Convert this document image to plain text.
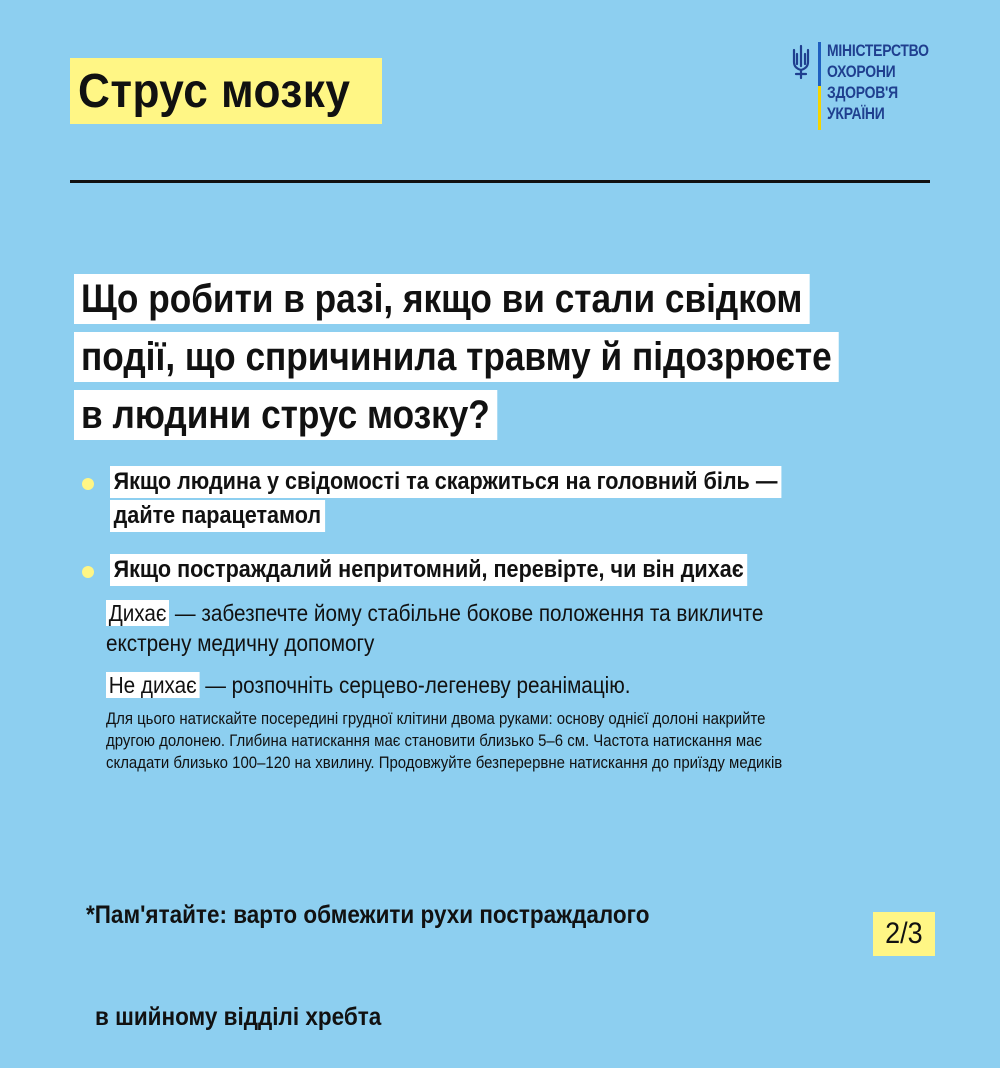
Струс мозку
МІНІСТЕРСТВО
ОХОРОНИ
ЗДОРОВ'Я
УКРАЇНИ
Що робити в разі, якщо ви стали свідком
події, що спричинила травму й підозрюєте
в людини струс мозку?
Якщо людина у свідомості та скаржиться на головний біль —
дайте парацетамол
Якщо постраждалий непритомний, перевірте, чи він дихає
Дихає — забезпечте йому стабільне бокове положення та викличте
екстрену медичну допомогу
Не дихає — розпочніть серцево-легеневу реанімацію.
Для цього натискайте посередині грудної клітини двома руками: основу однієї долоні накрийте
другою долонею. Глибина натискання має становити близько 5–6 см. Частота натискання має
складати близько 100–120 на хвилину. Продовжуйте безперервне натискання до приїзду медиків

*Пам'ятайте: варто обмежити рухи постраждалого

в шийному відділі хребта

2/3
